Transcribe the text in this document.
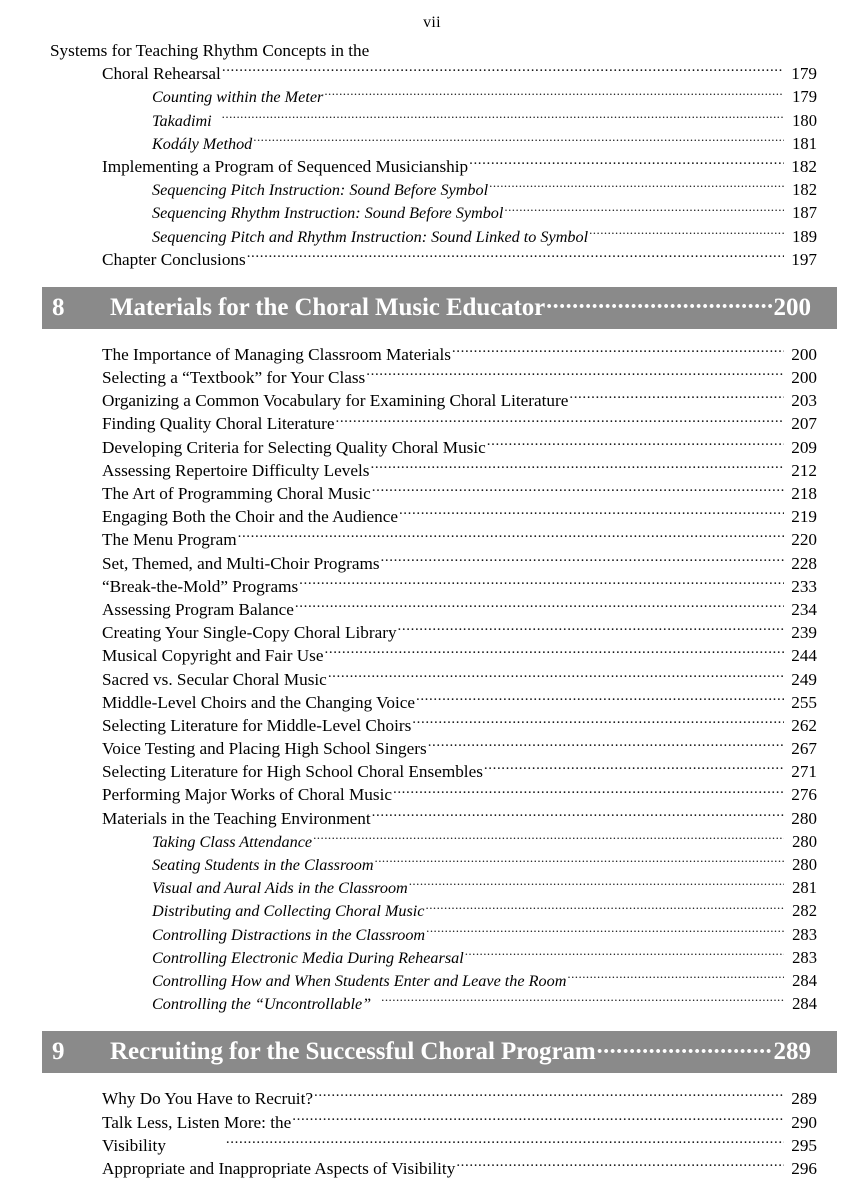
vii
Systems for Teaching Rhythm Concepts in the
Choral Rehearsal .....	179
Counting within the Meter .....	179
Takadimi .....	180
Kodály Method .....	181
Implementing a Program of Sequenced Musicianship .....	182
Sequencing Pitch Instruction: Sound Before Symbol .....	182
Sequencing Rhythm Instruction: Sound Before Symbol .....	187
Sequencing Pitch and Rhythm Instruction: Sound Linked to Symbol .....	189
Chapter Conclusions .....	197
8	Materials for the Choral Music Educator .....	200
The Importance of Managing Classroom Materials .....	200
Selecting a “Textbook” for Your Class .....	200
Organizing a Common Vocabulary for Examining Choral Literature .....	203
Finding Quality Choral Literature .....	207
Developing Criteria for Selecting Quality Choral Music .....	209
Assessing Repertoire Difficulty Levels .....	212
The Art of Programming Choral Music .....	218
Engaging Both the Choir and the Audience .....	219
The Menu Program .....	220
Set, Themed, and Multi-Choir Programs .....	228
“Break-the-Mold” Programs .....	233
Assessing Program Balance .....	234
Creating Your Single-Copy Choral Library .....	239
Musical Copyright and Fair Use .....	244
Sacred vs. Secular Choral Music .....	249
Middle-Level Choirs and the Changing Voice .....	255
Selecting Literature for Middle-Level Choirs .....	262
Voice Testing and Placing High School Singers .....	267
Selecting Literature for High School Choral Ensembles .....	271
Performing Major Works of Choral Music .....	276
Materials in the Teaching Environment .....	280
Taking Class Attendance .....	280
Seating Students in the Classroom .....	280
Visual and Aural Aids in the Classroom .....	281
Distributing and Collecting Choral Music .....	282
Controlling Distractions in the Classroom .....	283
Controlling Electronic Media During Rehearsal .....	283
Controlling How and When Students Enter and Leave the Room .....	284
Controlling the “Uncontrollable” .....	284
9	Recruiting for the Successful Choral Program .....	289
Why Do You Have to Recruit? .....	289
Talk Less, Listen More: the .....	290
Visibility .....	295
Appropriate and Inappropriate Aspects of Visibility .....	296
